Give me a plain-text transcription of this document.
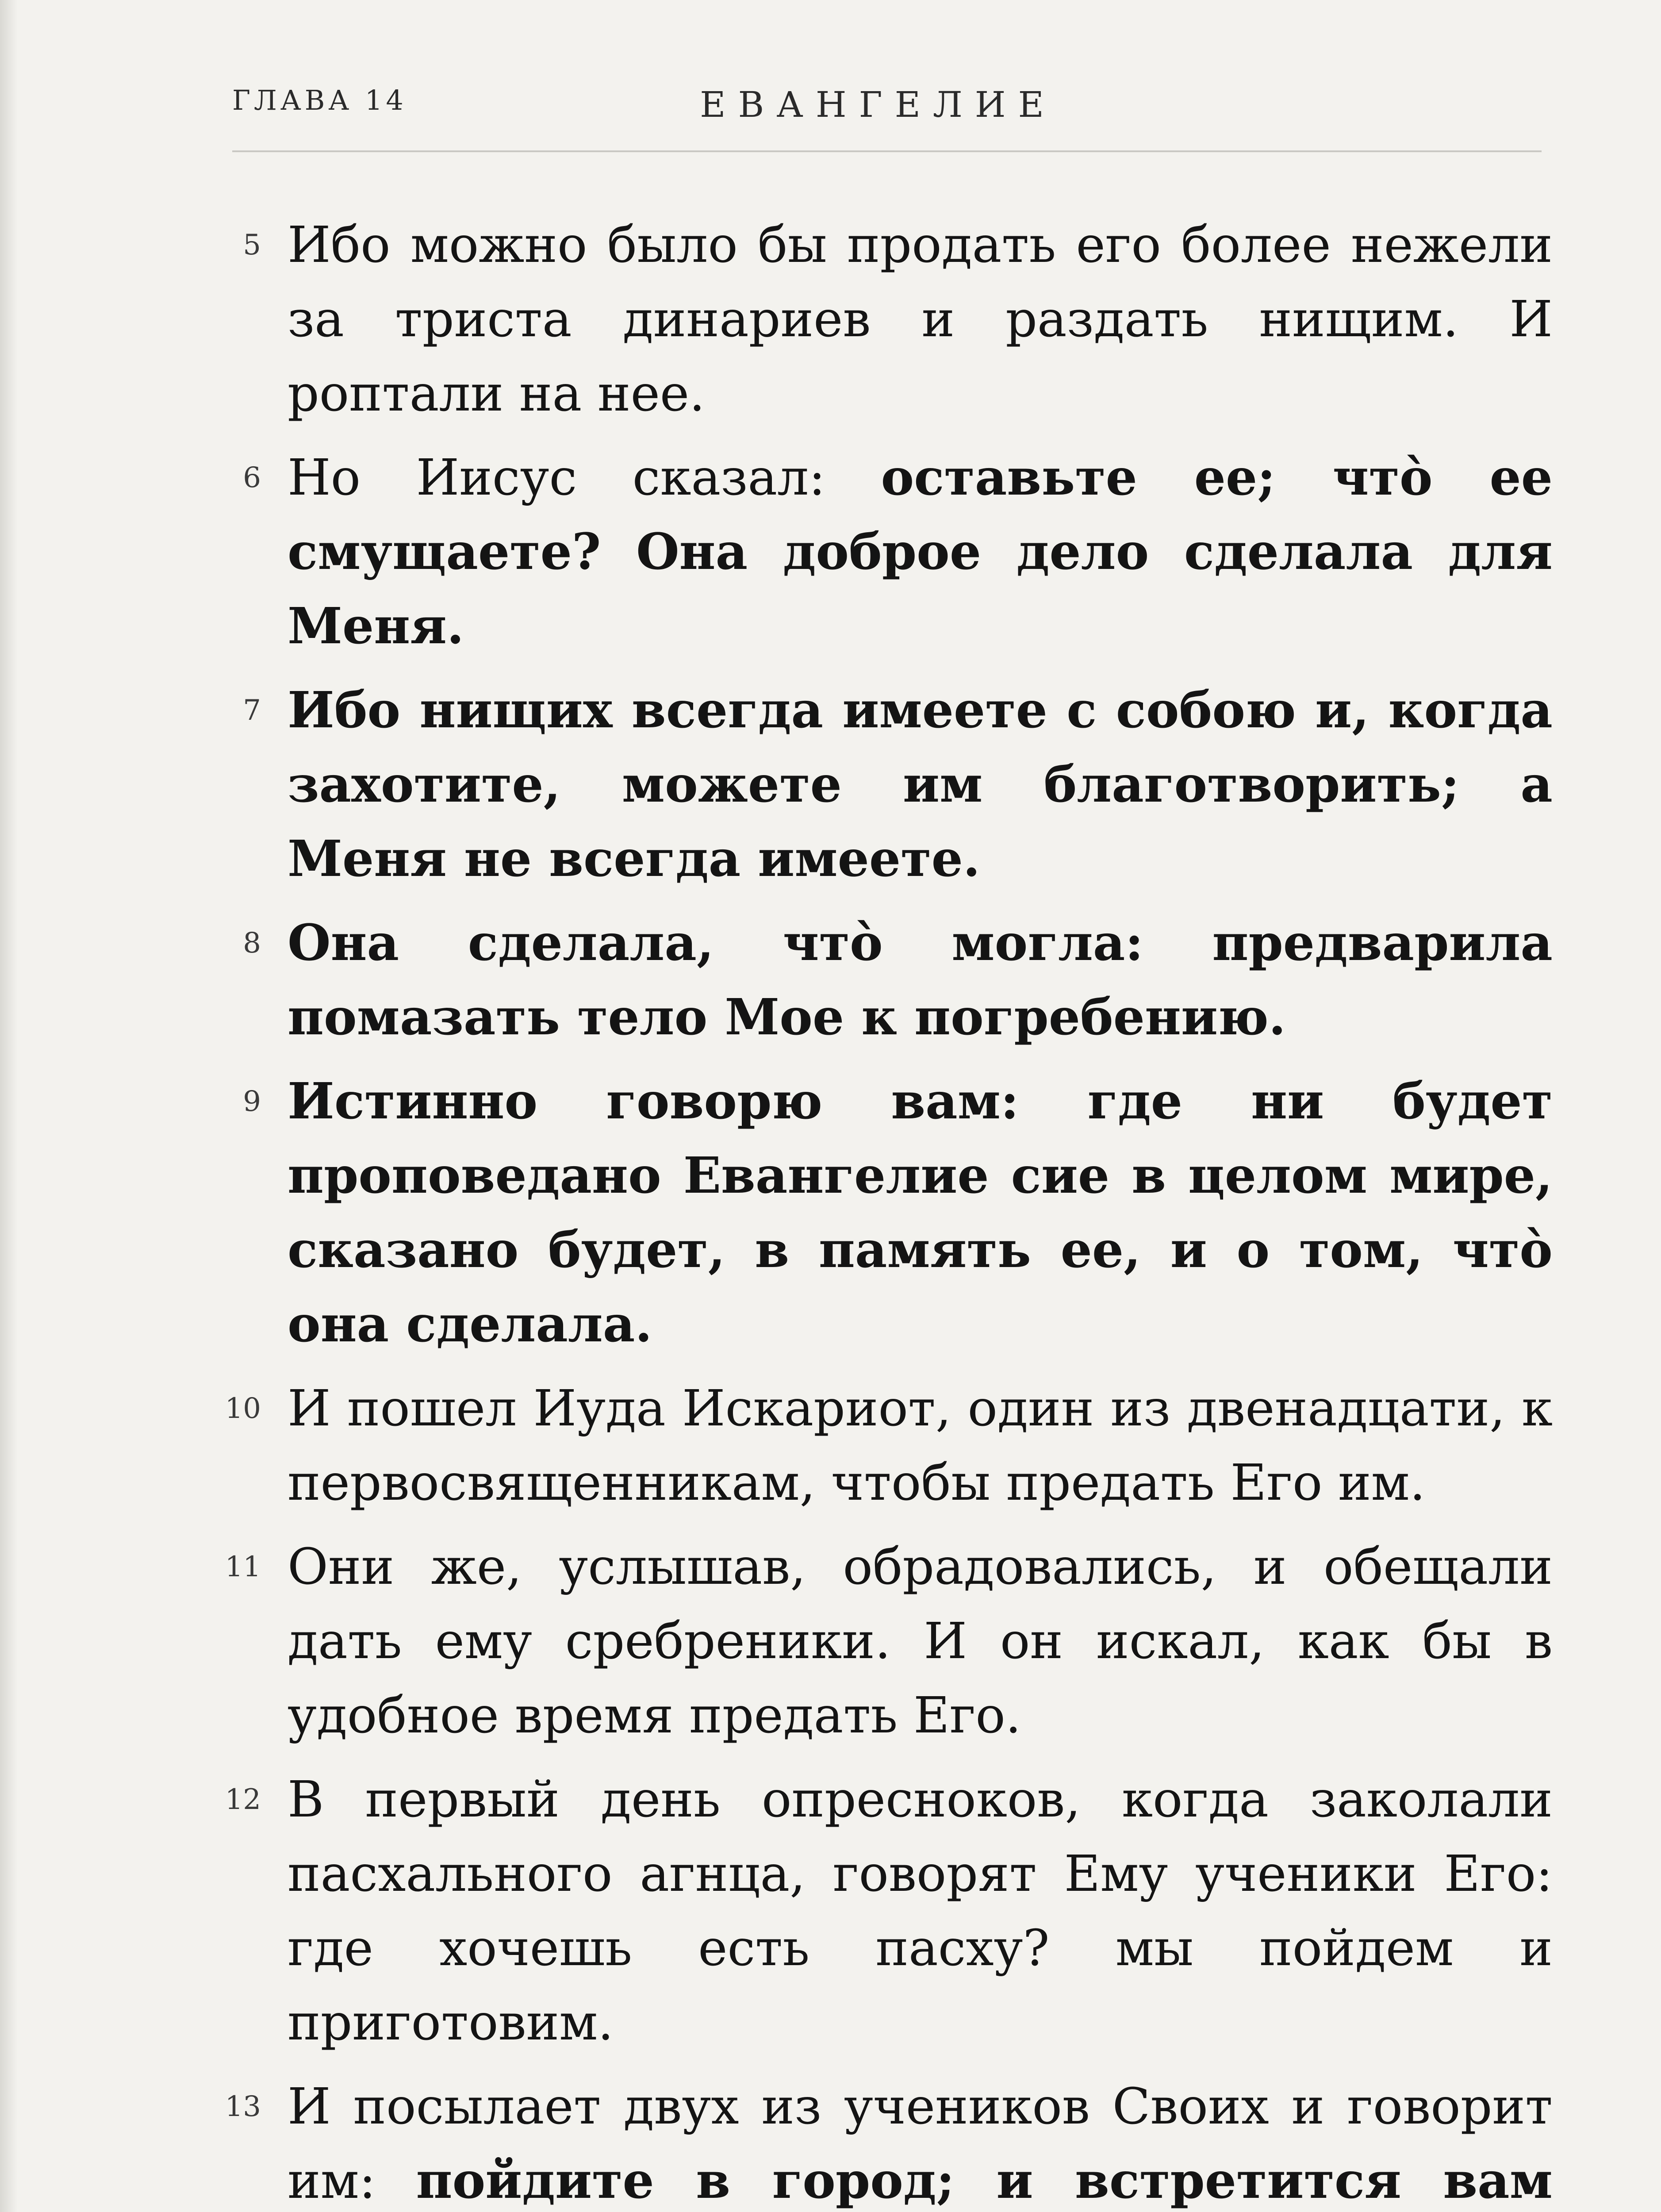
ГЛАВА 14	ЕВАНГЕЛИЕ
5 Ибо можно было бы продать его более нежели за триста динариев и раздать нищим. И роптали на нее.
6 Но Иисус сказал: оставьте ее; что̀ ее смущаете? Она доброе дело сделала для Меня.
7 Ибо нищих всегда имеете с собою и, когда захотите, можете им благотворить; а Меня не всегда имеете.
8 Она сделала, что̀ могла: предварила помазать тело Мое к погребению.
9 Истинно говорю вам: где ни будет проповедано Евангелие сие в целом мире, сказано будет, в память ее, и о том, что̀ она сделала.
10 И пошел Иуда Искариот, один из двенадцати, к первосвященникам, чтобы предать Его им.
11 Они же, услышав, обрадовались, и обещали дать ему сребреники. И он искал, как бы в удобное время предать Его.
12 В первый день опресноков, когда заколали пасхального агнца, говорят Ему ученики Его: где хочешь есть пасху? мы пойдем и приготовим.
13 И посылает двух из учеников Своих и говорит им: пойдите в город; и встретится вам
